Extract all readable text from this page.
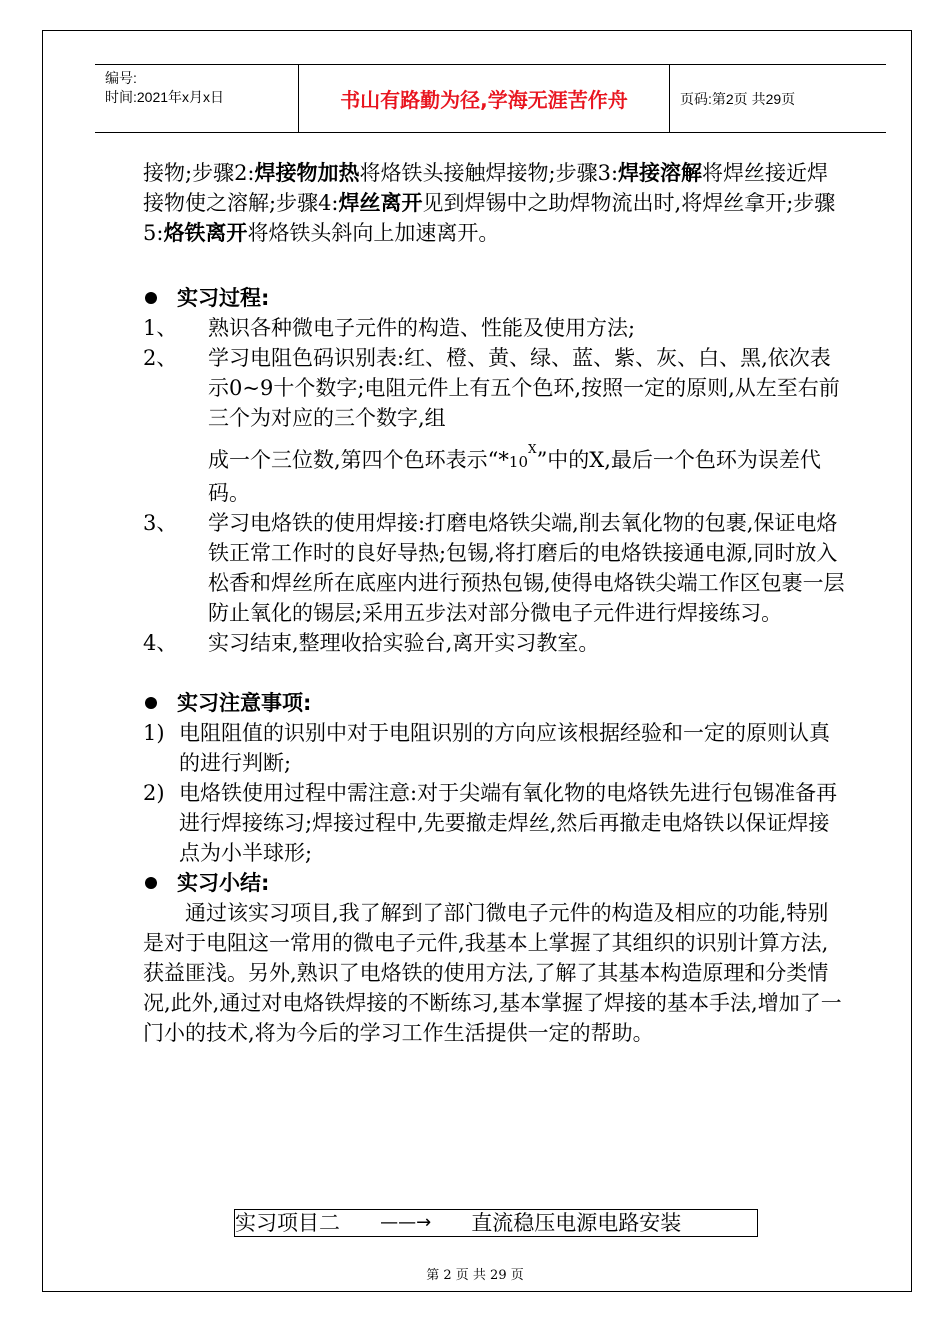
编号:
时间:2021年x月x日	书山有路勤为径,学海无涯苦作舟	页码:第2页 共29页

接物;步骤2:焊接物加热将烙铁头接触焊接物;步骤3:焊接溶解将焊丝接近焊接物使之溶解;步骤4:焊丝离开见到焊锡中之助焊物流出时,将焊丝拿开;步骤5:烙铁离开将烙铁头斜向上加速离开。

实习过程:
1、	熟识各种微电子元件的构造、性能及使用方法;
2、	学习电阻色码识别表:红、橙、黄、绿、蓝、紫、灰、白、黑,依次表示0~9十个数字;电阻元件上有五个色环,按照一定的原则,从左至右前三个为对应的三个数字,组 成一个三位数,第四个色环表示“$*10^X$”中的X,最后一个色环为误差代码。
3、	学习电烙铁的使用焊接:打磨电烙铁尖端,削去氧化物的包裹,保证电烙铁正常工作时的良好导热;包锡,将打磨后的电烙铁接通电源,同时放入松香和焊丝所在底座内进行预热包锡,使得电烙铁尖端工作区包裹一层防止氧化的锡层;采用五步法对部分微电子元件进行焊接练习。
4、	实习结束,整理收拾实验台,离开实习教室。
实习注意事项:
1) 电阻阻值的识别中对于电阻识别的方向应该根据经验和一定的原则认真的进行判断;
2) 电烙铁使用过程中需注意:对于尖端有氧化物的电烙铁先进行包锡准备再进行焊接练习;焊接过程中,先要撤走焊丝,然后再撤走电烙铁以保证焊接点为小半球形;
实习小结:

通过该实习项目,我了解到了部门微电子元件的构造及相应的功能,特别是对于电阻这一常用的微电子元件,我基本上掌握了其组织的识别计算方法,获益匪浅。另外,熟识了电烙铁的使用方法,了解了其基本构造原理和分类情况,此外,通过对电烙铁焊接的不断练习,基本掌握了焊接的基本手法,增加了一门小的技术,将为今后的学习工作生活提供一定的帮助。

实习项目二
——→
直流稳压电源电路安装
第 2 页 共 29 页
